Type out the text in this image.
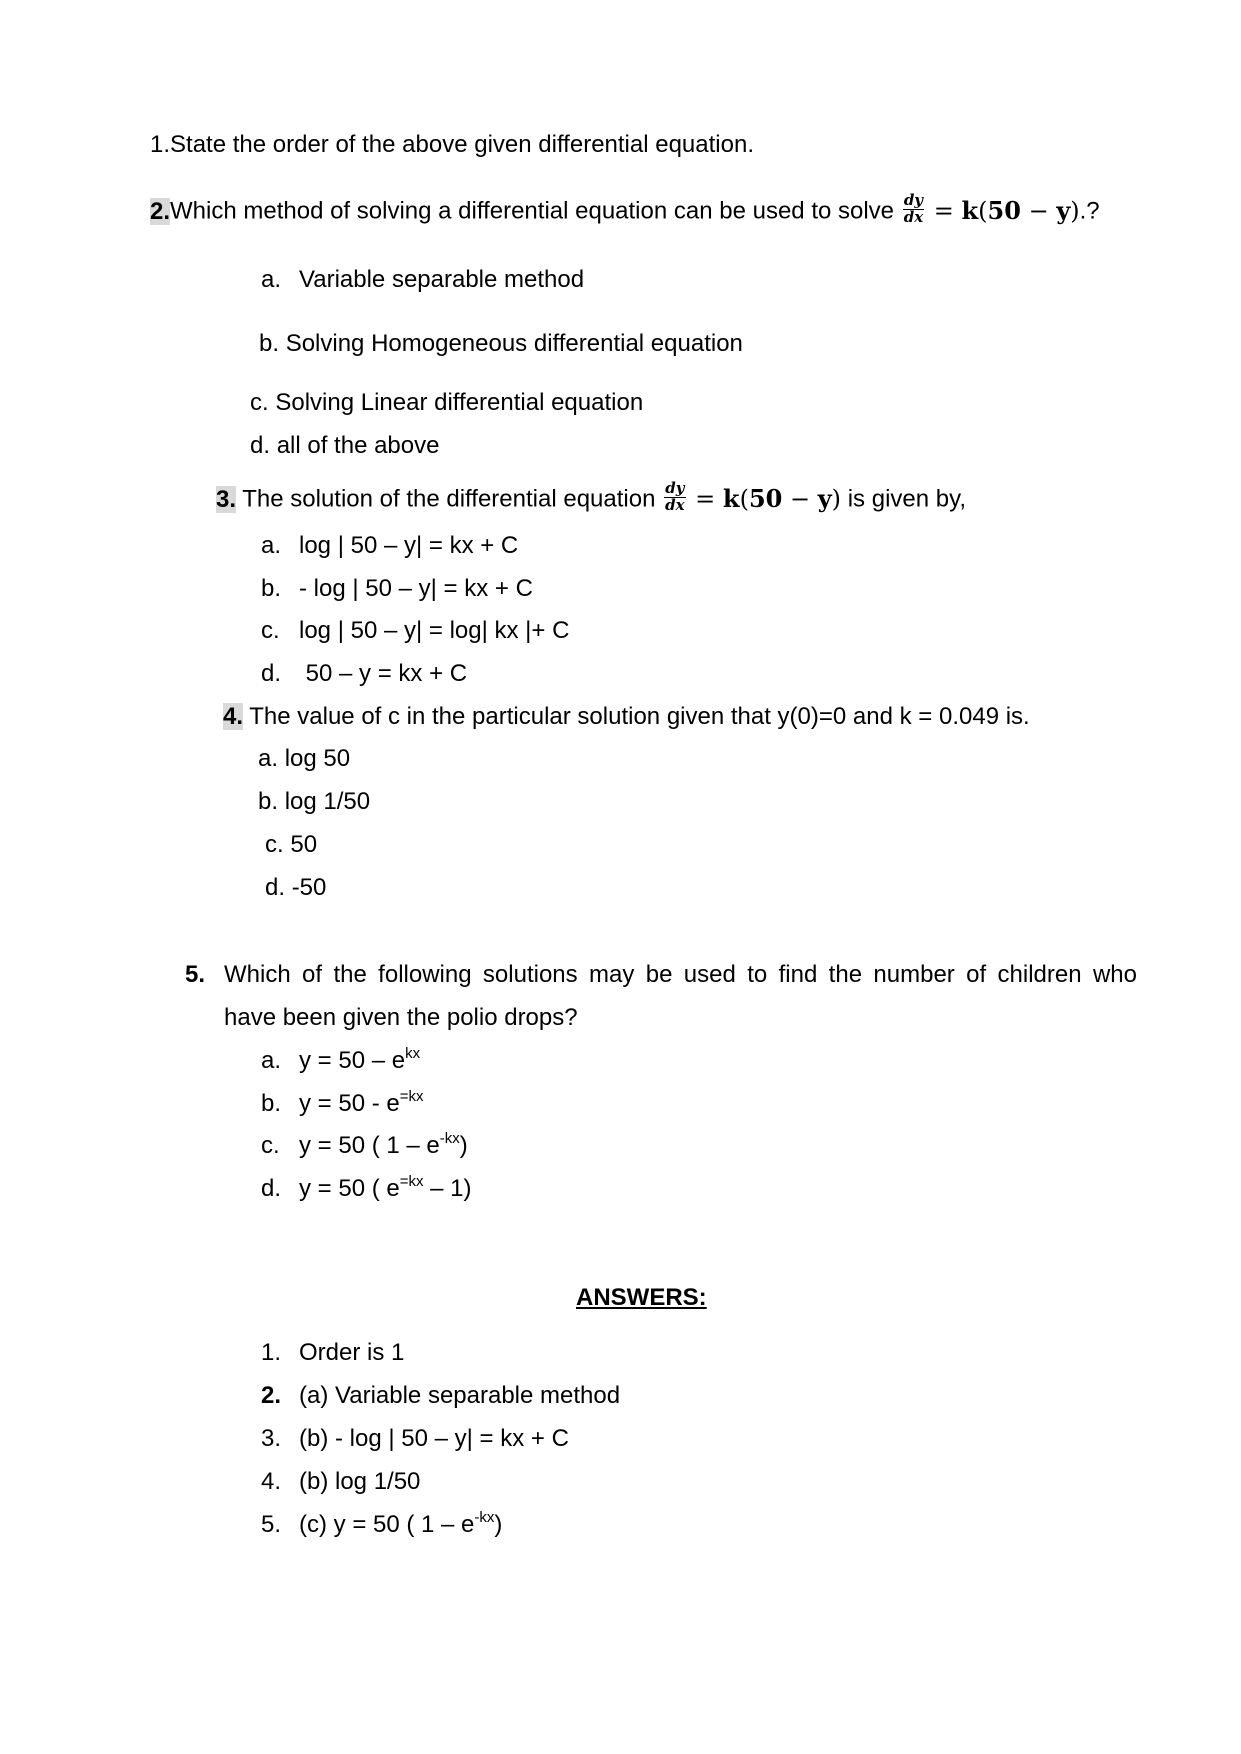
1.State the order of the above given differential equation.
2.Which method of solving a differential equation can be used to solve $\frac{dy}{dx} = k(50 - y)$.?
a. Variable separable method
b. Solving Homogeneous differential equation
c. Solving Linear differential equation
d. all of the above
3. The solution of the differential equation $\frac{dy}{dx} = k(50 - y)$ is given by,
a. log | 50 – y| = kx + C
b. - log | 50 – y| = kx + C
c. log | 50 – y| = log| kx |+ C
d. 50 – y = kx + C
4. The value of c in the particular solution given that y(0)=0 and k = 0.049 is.
a. log 50
b. log 1/50
c. 50
d. -50
5. Which of the following solutions may be used to find the number of children who
have been given the polio drops?
a. $y = 50 - e^{kx}$
b. $y = 50 - e^{=kx}$
c. y = 50 ( $1 - e^{-kx}$)
d. y = 50 ( $e^{=kx} - 1$)
ANSWERS:
1. Order is 1
2. (a) Variable separable method
3. (b) - log | 50 – y| = kx + C
4. (b) log 1/50
5. (c) y = 50 ( $1 - e^{-kx}$)
